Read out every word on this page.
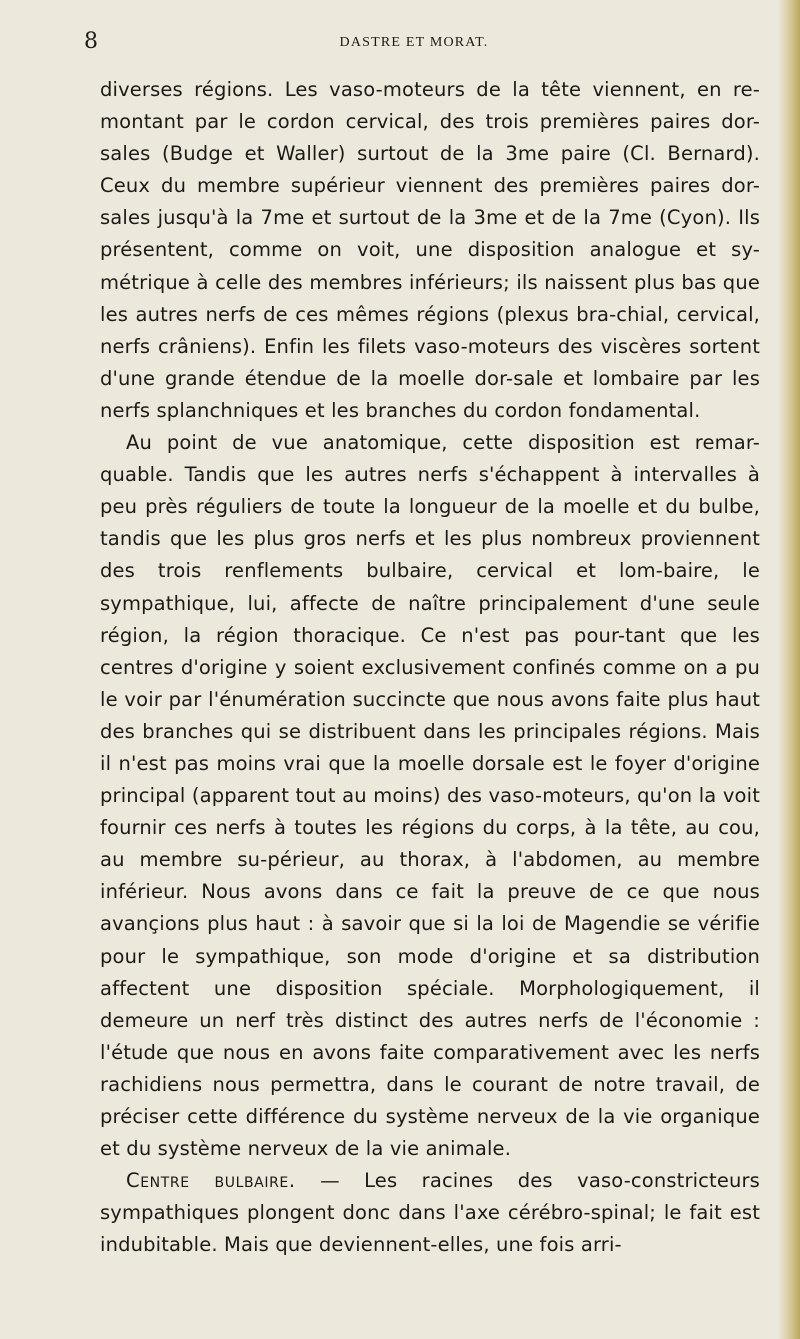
8	DASTRE ET MORAT.

diverses régions. Les vaso-moteurs de la tête viennent, en re-montant par le cordon cervical, des trois premières paires dor-sales (Budge et Waller) surtout de la 3me paire (Cl. Bernard). Ceux du membre supérieur viennent des premières paires dor-sales jusqu'à la 7me et surtout de la 3me et de la 7me (Cyon). Ils présentent, comme on voit, une disposition analogue et sy-métrique à celle des membres inférieurs; ils naissent plus bas que les autres nerfs de ces mêmes régions (plexus bra-chial, cervical, nerfs crâniens). Enfin les filets vaso-moteurs des viscères sortent d'une grande étendue de la moelle dor-sale et lombaire par les nerfs splanchniques et les branches du cordon fondamental.

Au point de vue anatomique, cette disposition est remar-quable. Tandis que les autres nerfs s'échappent à intervalles à peu près réguliers de toute la longueur de la moelle et du bulbe, tandis que les plus gros nerfs et les plus nombreux proviennent des trois renflements bulbaire, cervical et lom-baire, le sympathique, lui, affecte de naître principalement d'une seule région, la région thoracique. Ce n'est pas pour-tant que les centres d'origine y soient exclusivement confinés comme on a pu le voir par l'énumération succincte que nous avons faite plus haut des branches qui se distribuent dans les principales régions. Mais il n'est pas moins vrai que la moelle dorsale est le foyer d'origine principal (apparent tout au moins) des vaso-moteurs, qu'on la voit fournir ces nerfs à toutes les régions du corps, à la tête, au cou, au membre su-périeur, au thorax, à l'abdomen, au membre inférieur. Nous avons dans ce fait la preuve de ce que nous avançions plus haut : à savoir que si la loi de Magendie se vérifie pour le sympathique, son mode d'origine et sa distribution affectent une disposition spéciale. Morphologiquement, il demeure un nerf très distinct des autres nerfs de l'économie : l'étude que nous en avons faite comparativement avec les nerfs rachidiens nous permettra, dans le courant de notre travail, de préciser cette différence du système nerveux de la vie organique et du système nerveux de la vie animale.

Centre bulbaire. — Les racines des vaso-constricteurs sympathiques plongent donc dans l'axe cérébro-spinal; le fait est indubitable. Mais que deviennent-elles, une fois arri-
